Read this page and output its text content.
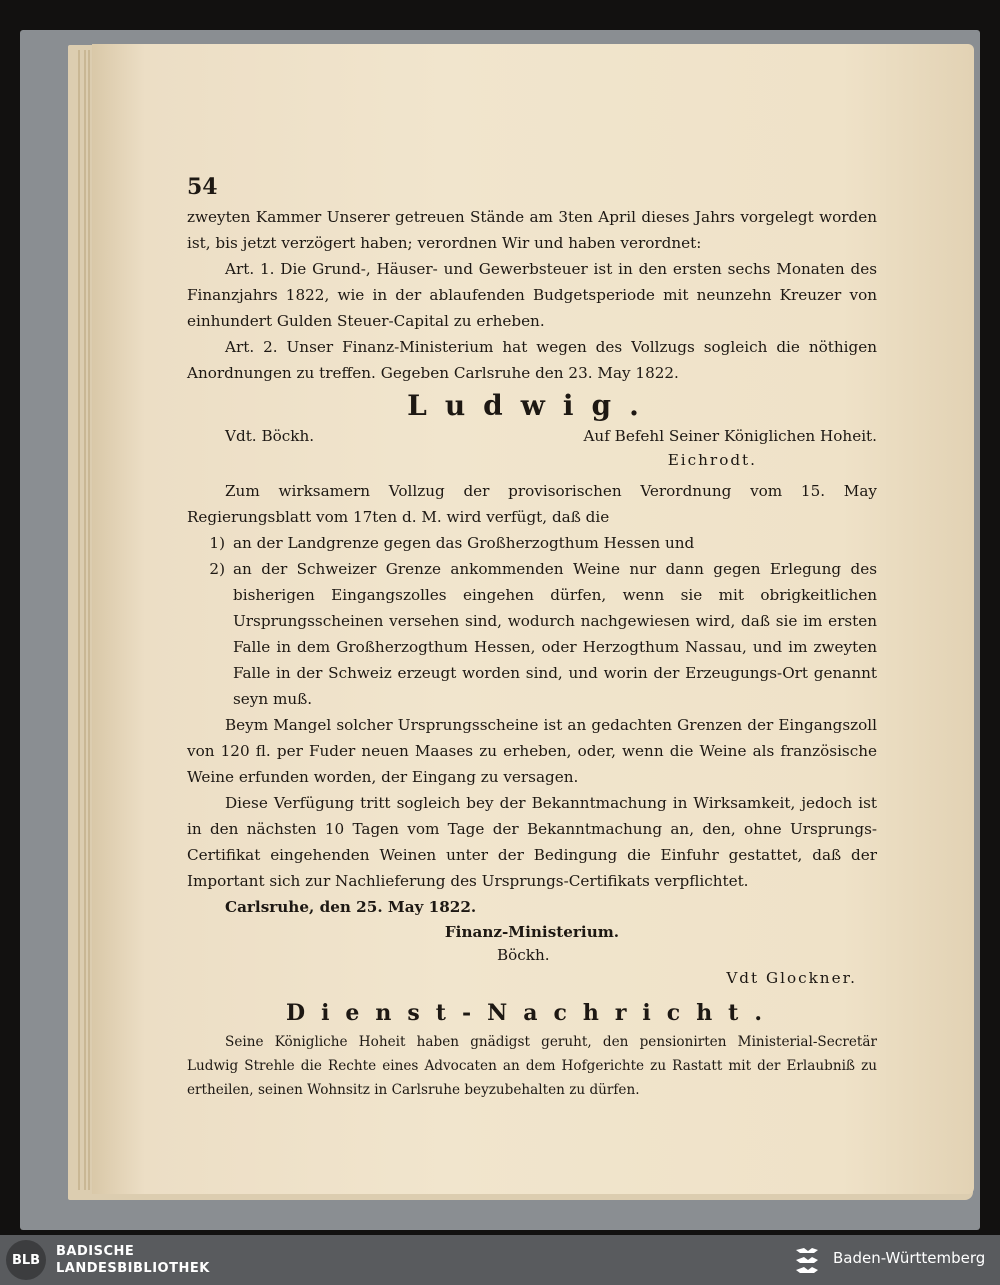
54

zweyten Kammer Unserer getreuen Stände am 3ten April dieses Jahrs vorgelegt worden ist, bis jetzt verzögert haben; verordnen Wir und haben verordnet:

Art. 1. Die Grund-, Häuser- und Gewerbsteuer ist in den ersten sechs Monaten des Finanzjahrs 1822, wie in der ablaufenden Budgetsperiode mit neunzehn Kreuzer von einhundert Gulden Steuer-Capital zu erheben.

Art. 2. Unser Finanz-Ministerium hat wegen des Vollzugs sogleich die nöthigen Anordnungen zu treffen. Gegeben Carlsruhe den 23. May 1822.

Ludwig.
Vdt. Böckh.	Auf Befehl Seiner Königlichen Hoheit.
Eichrodt.

Zum wirksamern Vollzug der provisorischen Verordnung vom 15. May Regierungsblatt vom 17ten d. M. wird verfügt, daß die

1) an der Landgrenze gegen das Großherzogthum Hessen und
2) an der Schweizer Grenze ankommenden Weine nur dann gegen Erlegung des bisherigen Eingangszolles eingehen dürfen, wenn sie mit obrigkeitlichen Ursprungsscheinen versehen sind, wodurch nachgewiesen wird, daß sie im ersten Falle in dem Großherzogthum Hessen, oder Herzogthum Nassau, und im zweyten Falle in der Schweiz erzeugt worden sind, und worin der Erzeugungs-Ort genannt seyn muß.

Beym Mangel solcher Ursprungsscheine ist an gedachten Grenzen der Eingangszoll von 120 fl. per Fuder neuen Maases zu erheben, oder, wenn die Weine als französische Weine erfunden worden, der Eingang zu versagen.

Diese Verfügung tritt sogleich bey der Bekanntmachung in Wirksamkeit, jedoch ist in den nächsten 10 Tagen vom Tage der Bekanntmachung an, den, ohne Ursprungs-Certifikat eingehenden Weinen unter der Bedingung die Einfuhr gestattet, daß der Important sich zur Nachlieferung des Ursprungs-Certifikats verpflichtet.

Carlsruhe, den 25. May 1822.

Finanz-Ministerium.
Böckh.
Vdt Glockner.
Dienst-Nachricht.

Seine Königliche Hoheit haben gnädigst geruht, den pensionirten Ministerial-Secretär Ludwig Strehle die Rechte eines Advocaten an dem Hofgerichte zu Rastatt mit der Erlaubniß zu ertheilen, seinen Wohnsitz in Carlsruhe beyzubehalten zu dürfen.

BLB
BADISCHE
LANDESBIBLIOTHEK
Baden-Württemberg
